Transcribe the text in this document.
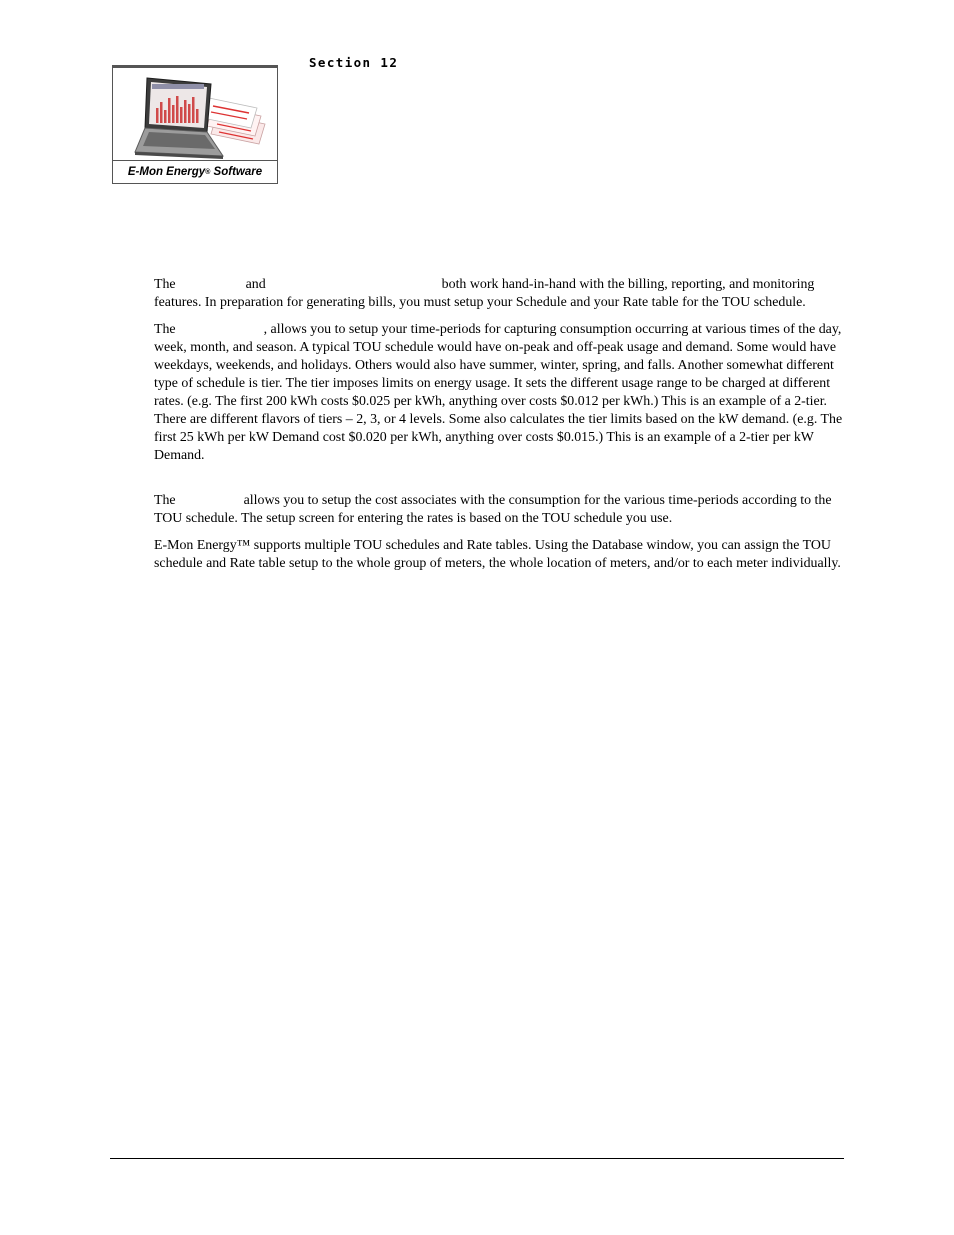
E-Mon Energy ®
Software
Section 12

The	and	both work hand-in-hand with the billing, reporting, and monitoring features. In preparation for generating bills, you must setup your Schedule and your Rate table for the TOU schedule.

The	, allows you to setup your time-periods for capturing consumption occurring at various times of the day, week, month, and season. A typical TOU schedule would have on-peak and off-peak usage and demand. Some would have weekdays, weekends, and holidays. Others would also have summer, winter, spring, and falls. Another somewhat different type of schedule is tier. The tier imposes limits on energy usage. It sets the different usage range to be charged at different rates. (e.g. The first 200 kWh costs $0.025 per kWh, anything over costs $0.012 per kWh.) This is an example of a 2-tier. There are different flavors of tiers – 2, 3, or 4 levels. Some also calculates the tier limits based on the kW demand. (e.g. The first 25 kWh per kW Demand cost $0.020 per kWh, anything over costs $0.015.) This is an example of a 2-tier per kW Demand.

The	allows you to setup the cost associates with the consumption for the various time-periods according to the TOU schedule. The setup screen for entering the rates is based on the TOU schedule you use.

E-Mon Energy™ supports multiple TOU schedules and Rate tables. Using the Database window, you can assign the TOU schedule and Rate table setup to the whole group of meters, the whole location of meters, and/or to each meter individually.
